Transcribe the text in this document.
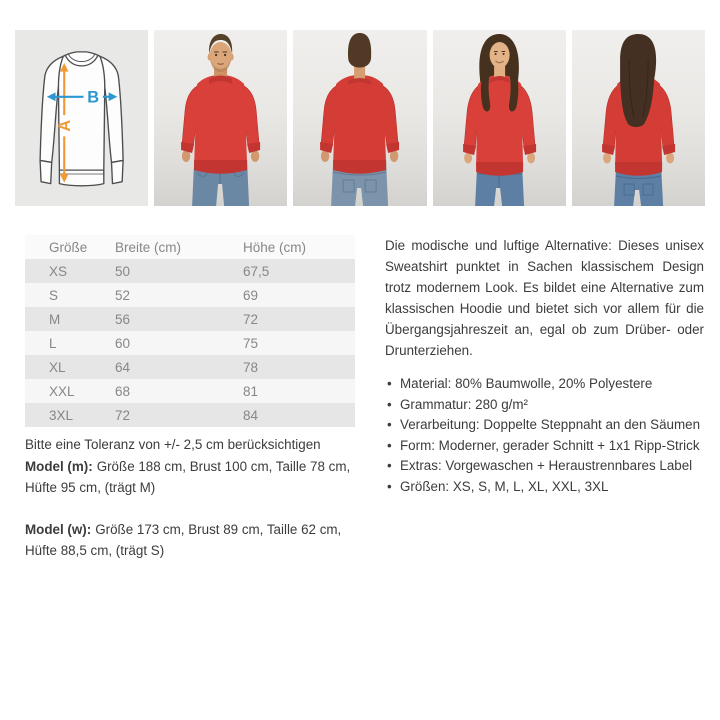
A
B
Größe	Breite (cm)	Höhe (cm)
XS	50	67,5
S	52	69
M	56	72
L	60	75
XL	64	78
XXL	68	81
3XL	72	84
Bitte eine Toleranz von +/- 2,5 cm berücksichtigen
Model (m): Größe 188 cm, Brust 100 cm, Taille 78 cm, Hüfte 95 cm, (trägt M)
Model (w): Größe 173 cm, Brust 89 cm, Taille 62 cm, Hüfte 88,5 cm, (trägt S)

Die modische und luftige Alternative: Dieses unisex Sweatshirt punktet in Sachen klassischem Design trotz modernem Look. Es bildet eine Alternative zum klassischen Hoodie und bietet sich vor allem für die Übergangsjahreszeit an, egal ob zum Drüber- oder Drunterziehen.

• Material: 80% Baumwolle, 20% Polyestere
• Grammatur: 280 g/m²
• Verarbeitung: Doppelte Steppnaht an den Säumen
• Form: Moderner, gerader Schnitt + 1x1 Ripp-Strick
• Extras: Vorgewaschen + Heraustrennbares Label
• Größen: XS, S, M, L, XL, XXL, 3XL
